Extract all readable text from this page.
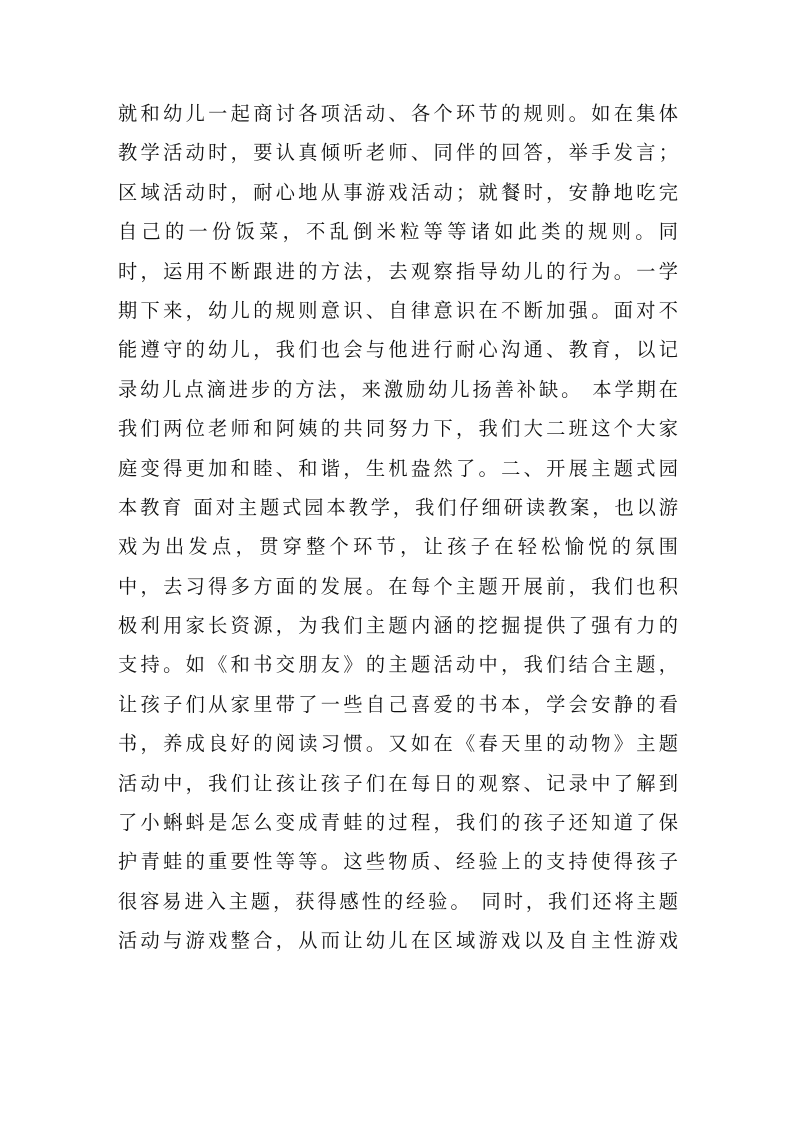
就和幼儿一起商讨各项活动、各个环节的规则。如在集体
教学活动时，要认真倾听老师、同伴的回答，举手发言；
区域活动时，耐心地从事游戏活动；就餐时，安静地吃完
自己的一份饭菜，不乱倒米粒等等诸如此类的规则。同
时，运用不断跟进的方法，去观察指导幼儿的行为。一学
期下来，幼儿的规则意识、自律意识在不断加强。面对不
能遵守的幼儿，我们也会与他进行耐心沟通、教育，以记
录幼儿点滴进步的方法，来激励幼儿扬善补缺。 本学期在
我们两位老师和阿姨的共同努力下，我们大二班这个大家
庭变得更加和睦、和谐，生机盎然了。二、开展主题式园
本教育 面对主题式园本教学，我们仔细研读教案，也以游
戏为出发点，贯穿整个环节，让孩子在轻松愉悦的氛围
中，去习得多方面的发展。在每个主题开展前，我们也积
极利用家长资源，为我们主题内涵的挖掘提供了强有力的
支持。如《和书交朋友》的主题活动中，我们结合主题，
让孩子们从家里带了一些自己喜爱的书本，学会安静的看
书，养成良好的阅读习惯。又如在《春天里的动物》主题
活动中，我们让孩让孩子们在每日的观察、记录中了解到
了小蝌蚪是怎么变成青蛙的过程，我们的孩子还知道了保
护青蛙的重要性等等。这些物质、经验上的支持使得孩子
很容易进入主题，获得感性的经验。 同时，我们还将主题
活动与游戏整合，从而让幼儿在区域游戏以及自主性游戏
